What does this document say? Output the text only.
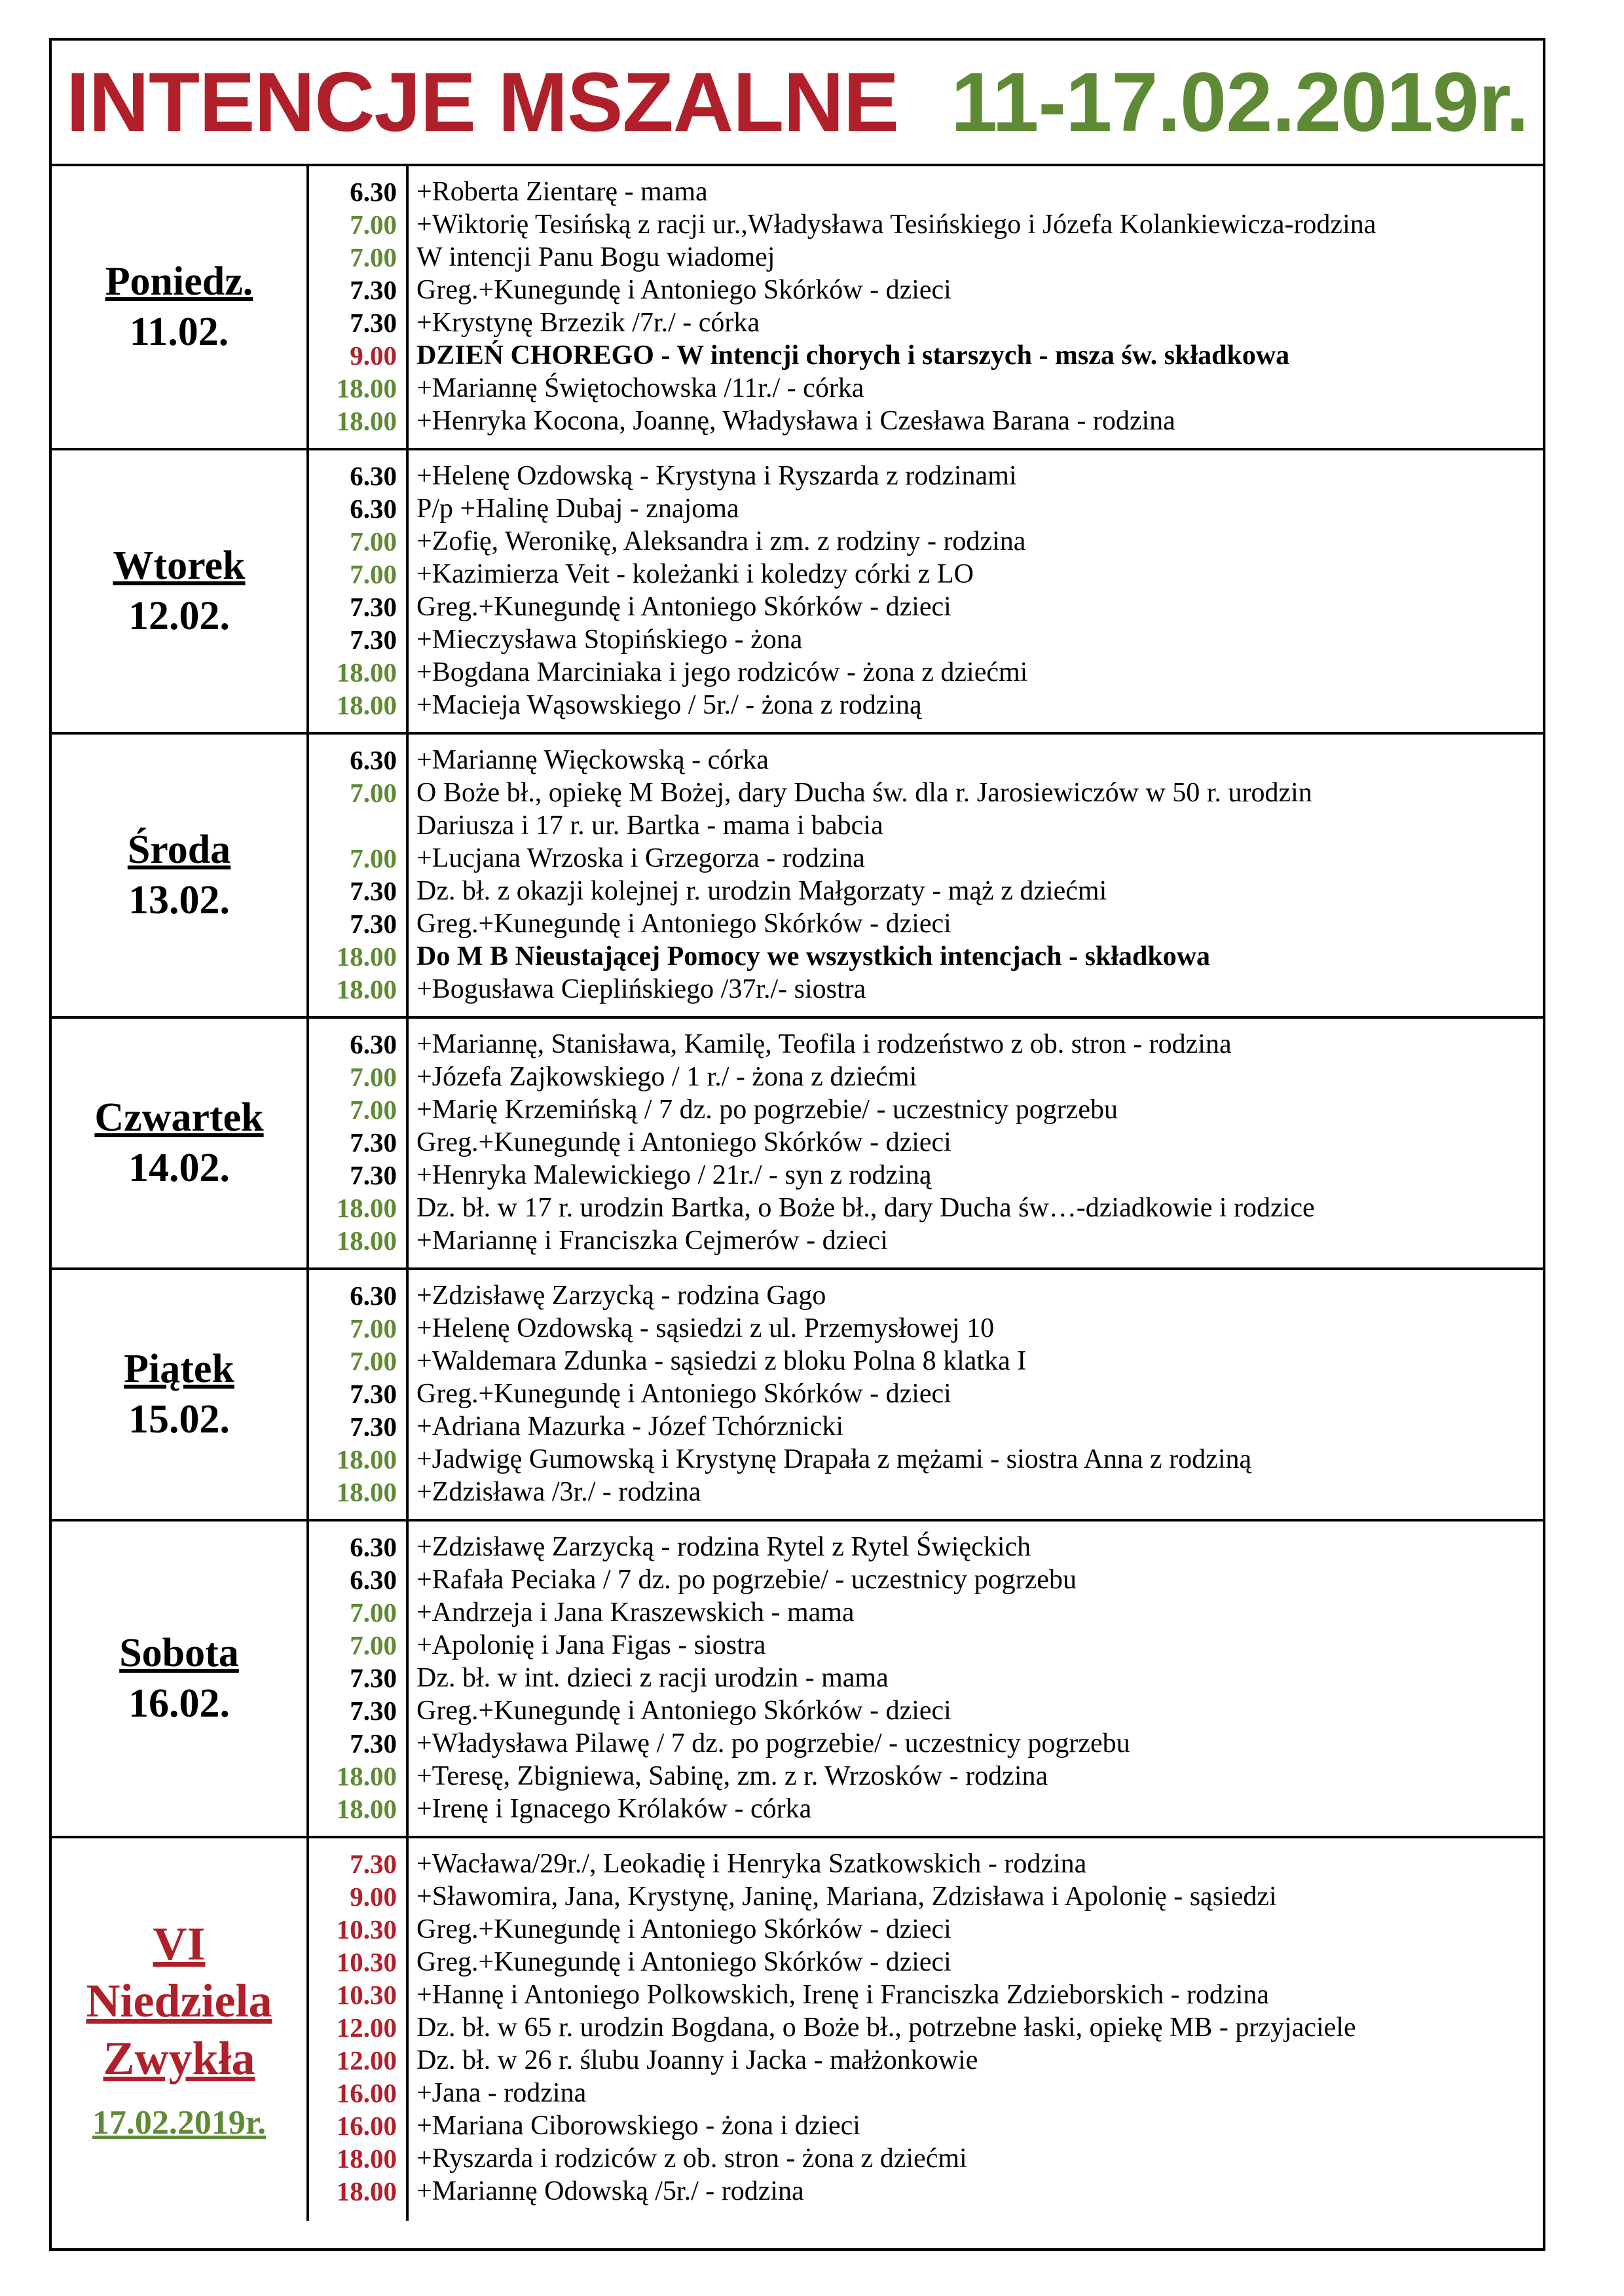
INTENCJE MSZALNE 11-17.02.2019r.
Poniedz.
11.02.
6.30
7.00
7.00
7.30
7.30
9.00
18.00
18.00
+Roberta Zientarę - mama
+Wiktorię Tesińską z racji ur.,Władysława Tesińskiego i Józefa Kolankiewicza-rodzina
W intencji Panu Bogu wiadomej
Greg.+Kunegundę i Antoniego Skórków - dzieci
+Krystynę Brzezik /7r./ - córka
DZIEŃ CHOREGO - W intencji chorych i starszych - msza św. składkowa
+Mariannę Świętochowska /11r./ - córka
+Henryka Kocona, Joannę, Władysława i Czesława Barana - rodzina
Wtorek
12.02.
6.30
6.30
7.00
7.00
7.30
7.30
18.00
18.00
+Helenę Ozdowską - Krystyna i Ryszarda z rodzinami
P/p +Halinę Dubaj - znajoma
+Zofię, Weronikę, Aleksandra i zm. z rodziny - rodzina
+Kazimierza Veit - koleżanki i koledzy córki z LO
Greg.+Kunegundę i Antoniego Skórków - dzieci
+Mieczysława Stopińskiego - żona
+Bogdana Marciniaka i jego rodziców - żona z dziećmi
+Macieja Wąsowskiego / 5r./ - żona z rodziną
Środa
13.02.
6.30
7.00
7.00
7.30
7.30
18.00
18.00
+Mariannę Więckowską - córka
O Boże bł., opiekę M Bożej, dary Ducha św. dla r. Jarosiewiczów w 50 r. urodzin
Dariusza i 17 r. ur. Bartka - mama i babcia
+Lucjana Wrzoska i Grzegorza - rodzina
Dz. bł. z okazji kolejnej r. urodzin Małgorzaty - mąż z dziećmi
Greg.+Kunegundę i Antoniego Skórków - dzieci
Do M B Nieustającej Pomocy we wszystkich intencjach - składkowa
+Bogusława Cieplińskiego /37r./- siostra
Czwartek
14.02.
6.30
7.00
7.00
7.30
7.30
18.00
18.00
+Mariannę, Stanisława, Kamilę, Teofila i rodzeństwo z ob. stron - rodzina
+Józefa Zajkowskiego / 1 r./ - żona z dziećmi
+Marię Krzemińską / 7 dz. po pogrzebie/ - uczestnicy pogrzebu
Greg.+Kunegundę i Antoniego Skórków - dzieci
+Henryka Malewickiego / 21r./ - syn z rodziną
Dz. bł. w 17 r. urodzin Bartka, o Boże bł., dary Ducha św…-dziadkowie i rodzice
+Mariannę i Franciszka Cejmerów - dzieci
Piątek
15.02.
6.30
7.00
7.00
7.30
7.30
18.00
18.00
+Zdzisławę Zarzycką - rodzina Gago
+Helenę Ozdowską - sąsiedzi z ul. Przemysłowej 10
+Waldemara Zdunka - sąsiedzi z bloku Polna 8 klatka I
Greg.+Kunegundę i Antoniego Skórków - dzieci
+Adriana Mazurka - Józef Tchórznicki
+Jadwigę Gumowską i Krystynę Drapała z mężami - siostra Anna z rodziną
+Zdzisława /3r./ - rodzina
Sobota
16.02.
6.30
6.30
7.00
7.00
7.30
7.30
7.30
18.00
18.00
+Zdzisławę Zarzycką - rodzina Rytel z Rytel Święckich
+Rafała Peciaka / 7 dz. po pogrzebie/ - uczestnicy pogrzebu
+Andrzeja i Jana Kraszewskich - mama
+Apolonię i Jana Figas - siostra
Dz. bł. w int. dzieci z racji urodzin - mama
Greg.+Kunegundę i Antoniego Skórków - dzieci
+Władysława Pilawę / 7 dz. po pogrzebie/ - uczestnicy pogrzebu
+Teresę, Zbigniewa, Sabinę, zm. z r. Wrzosków - rodzina
+Irenę i Ignacego Królaków - córka
VI
Niedziela
Zwykła
17.02.2019r.
7.30
9.00
10.30
10.30
10.30
12.00
12.00
16.00
16.00
18.00
18.00
+Wacława/29r./, Leokadię i Henryka Szatkowskich - rodzina
+Sławomira, Jana, Krystynę, Janinę, Mariana, Zdzisława i Apolonię - sąsiedzi
Greg.+Kunegundę i Antoniego Skórków - dzieci
Greg.+Kunegundę i Antoniego Skórków - dzieci
+Hannę i Antoniego Polkowskich, Irenę i Franciszka Zdzieborskich - rodzina
Dz. bł. w 65 r. urodzin Bogdana, o Boże bł., potrzebne łaski, opiekę MB - przyjaciele
Dz. bł. w 26 r. ślubu Joanny i Jacka - małżonkowie
+Jana - rodzina
+Mariana Ciborowskiego - żona i dzieci
+Ryszarda i rodziców z ob. stron - żona z dziećmi
+Mariannę Odowską /5r./ - rodzina
